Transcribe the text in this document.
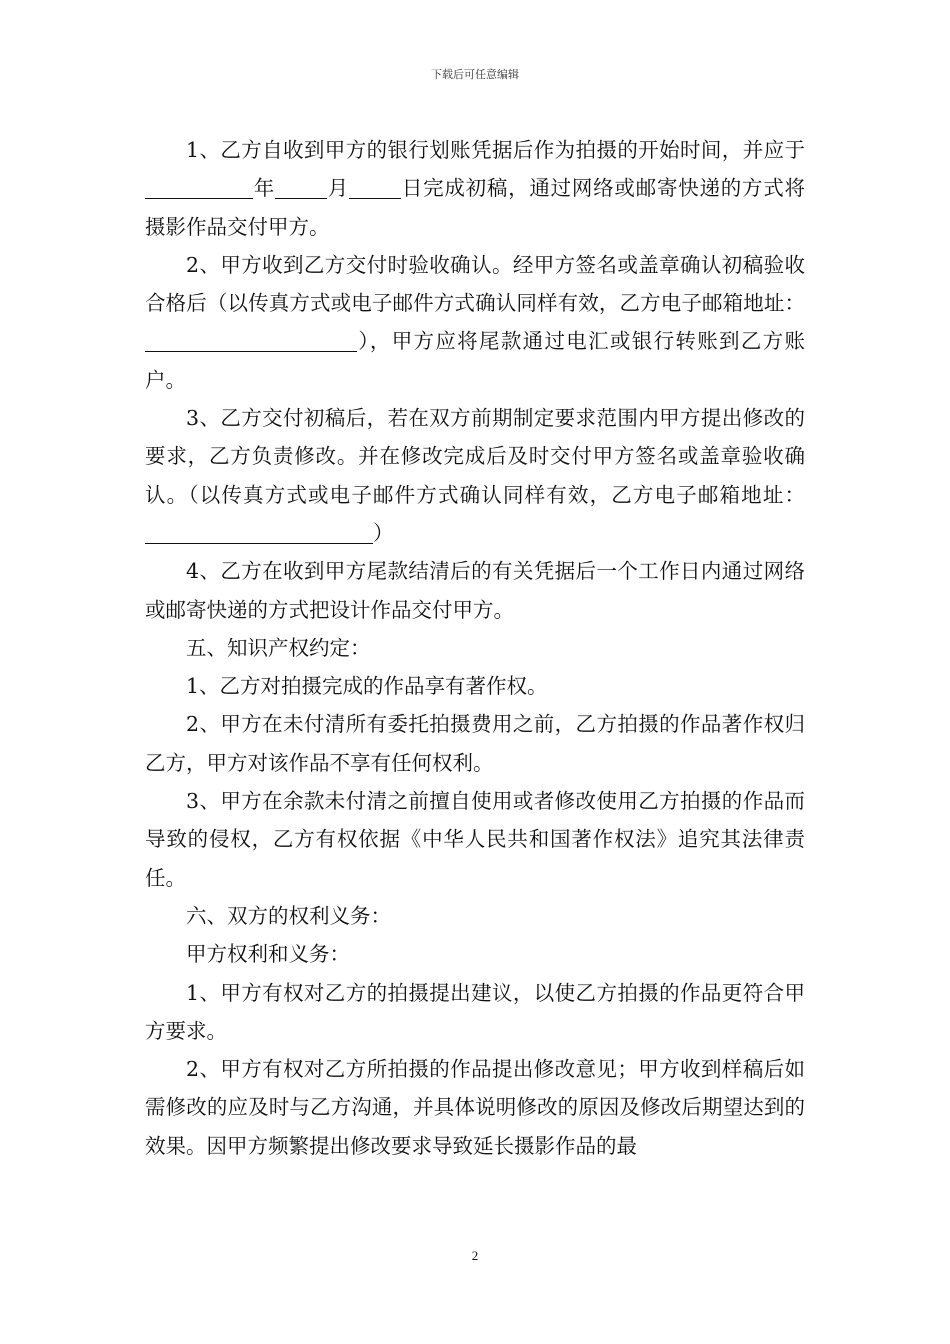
下载后可任意编辑

1、乙方自收到甲方的银行划账凭据后作为拍摄的开始时间，并应于 年	月	日完成初稿，通过网络或邮寄快递的方式将摄影作品交付甲方。

2、甲方收到乙方交付时验收确认。经甲方签名或盖章确认初稿验收合格后（以传真方式或电子邮件方式确认同样有效，乙方电子邮箱地址：），甲方应将尾款通过电汇或银行转账到乙方账户。

3、乙方交付初稿后，若在双方前期制定要求范围内甲方提出修改的要求，乙方负责修改。并在修改完成后及时交付甲方签名或盖章验收确认。（以传真方式或电子邮件方式确认同样有效，乙方电子邮箱地址：）

4、乙方在收到甲方尾款结清后的有关凭据后一个工作日内通过网络或邮寄快递的方式把设计作品交付甲方。

五、知识产权约定：

1、乙方对拍摄完成的作品享有著作权。

2、甲方在未付清所有委托拍摄费用之前，乙方拍摄的作品著作权归乙方，甲方对该作品不享有任何权利。

3、甲方在余款未付清之前擅自使用或者修改使用乙方拍摄的作品而导致的侵权，乙方有权依据《中华人民共和国著作权法》追究其法律责任。

六、双方的权利义务：

甲方权利和义务：

1、甲方有权对乙方的拍摄提出建议，以使乙方拍摄的作品更符合甲方要求。

2、甲方有权对乙方所拍摄的作品提出修改意见；甲方收到样稿后如需修改的应及时与乙方沟通，并具体说明修改的原因及修改后期望达到的效果。因甲方频繁提出修改要求导致延长摄影作品的最

2
